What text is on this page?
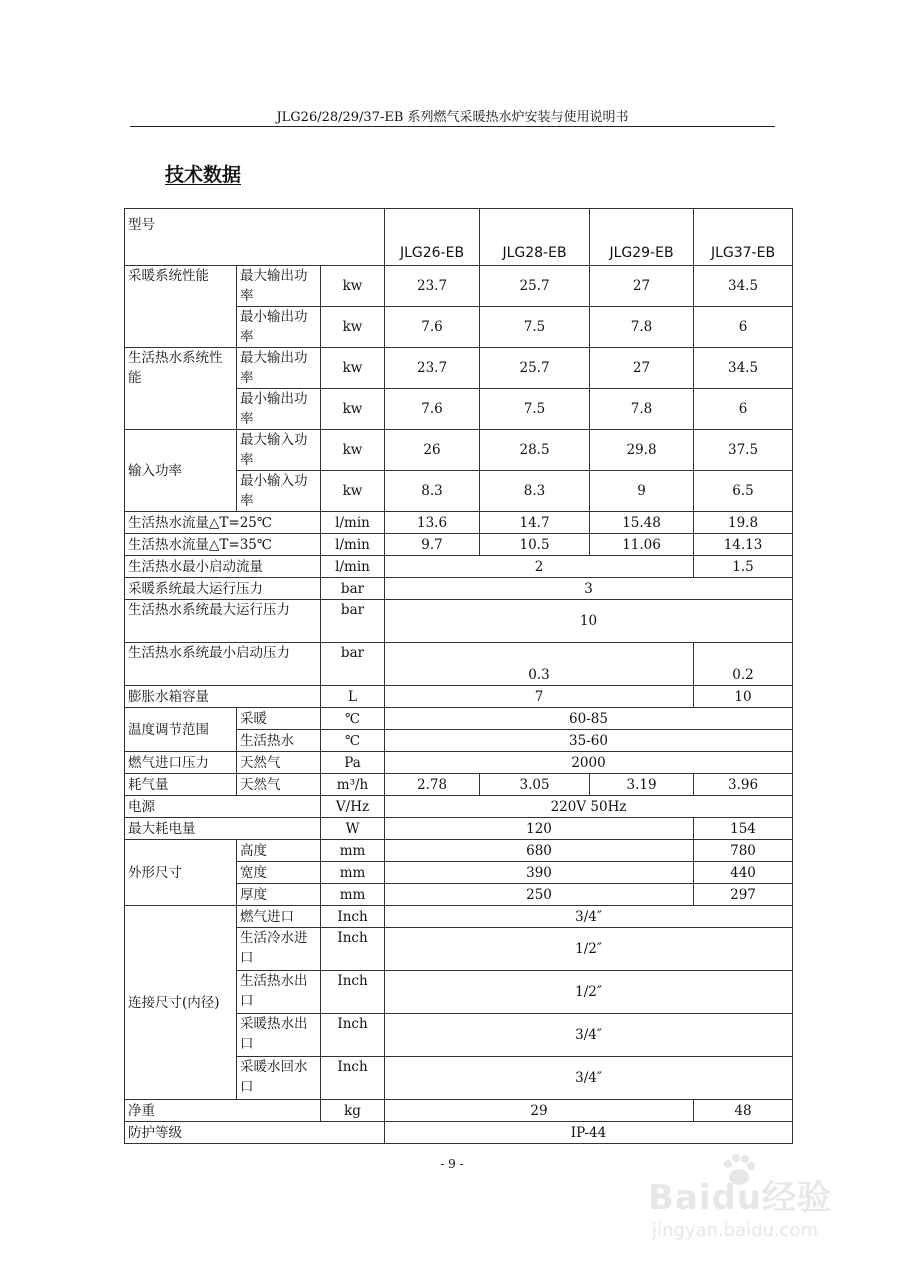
JLG26/28/29/37-EB 系列燃气采暖热水炉安装与使用说明书
技术数据
型号			JLG26-EB	JLG28-EB	JLG29-EB	JLG37-EB
采暖系统性能	最大输出功率	kw	23.7	25.7	27	34.5
	最小输出功率	kw	7.6	7.5	7.8	6
生活热水系统性能	最大输出功率	kw	23.7	25.7	27	34.5
	最小输出功率	kw	7.6	7.5	7.8	6
输入功率	最大输入功率	kw	26	28.5	29.8	37.5
	最小输入功率	kw	8.3	8.3	9	6.5
生活热水流量△T=25℃		l/min	13.6	14.7	15.48	19.8
生活热水流量△T=35℃		l/min	9.7	10.5	11.06	14.13
生活热水最小启动流量		l/min	2			1.5
采暖系统最大运行压力		bar	3			
生活热水系统最大运行压力		bar	10			
生活热水系统最小启动压力		bar	0.3			0.2
膨胀水箱容量		L	7			10
温度调节范围	采暖	℃	60-85			
	生活热水	℃	35-60			
燃气进口压力	天然气	Pa	2000			
耗气量	天然气	m³/h	2.78	3.05	3.19	3.96
电源		V/Hz	220V 50Hz			
最大耗电量		W	120			154
外形尺寸	高度	mm	680			780
	宽度	mm	390			440
	厚度	mm	250			297
连接尺寸(内径)	燃气进口	Inch	3/4″			
	生活冷水进口	Inch	1/2″			
	生活热水出口	Inch	1/2″			
	采暖热水出口	Inch	3/4″			
	采暖水回水口	Inch	3/4″			
净重		kg	29			48
防护等级			IP-44			
- 9 -
Baidu经验
jingyan.baidu.com
